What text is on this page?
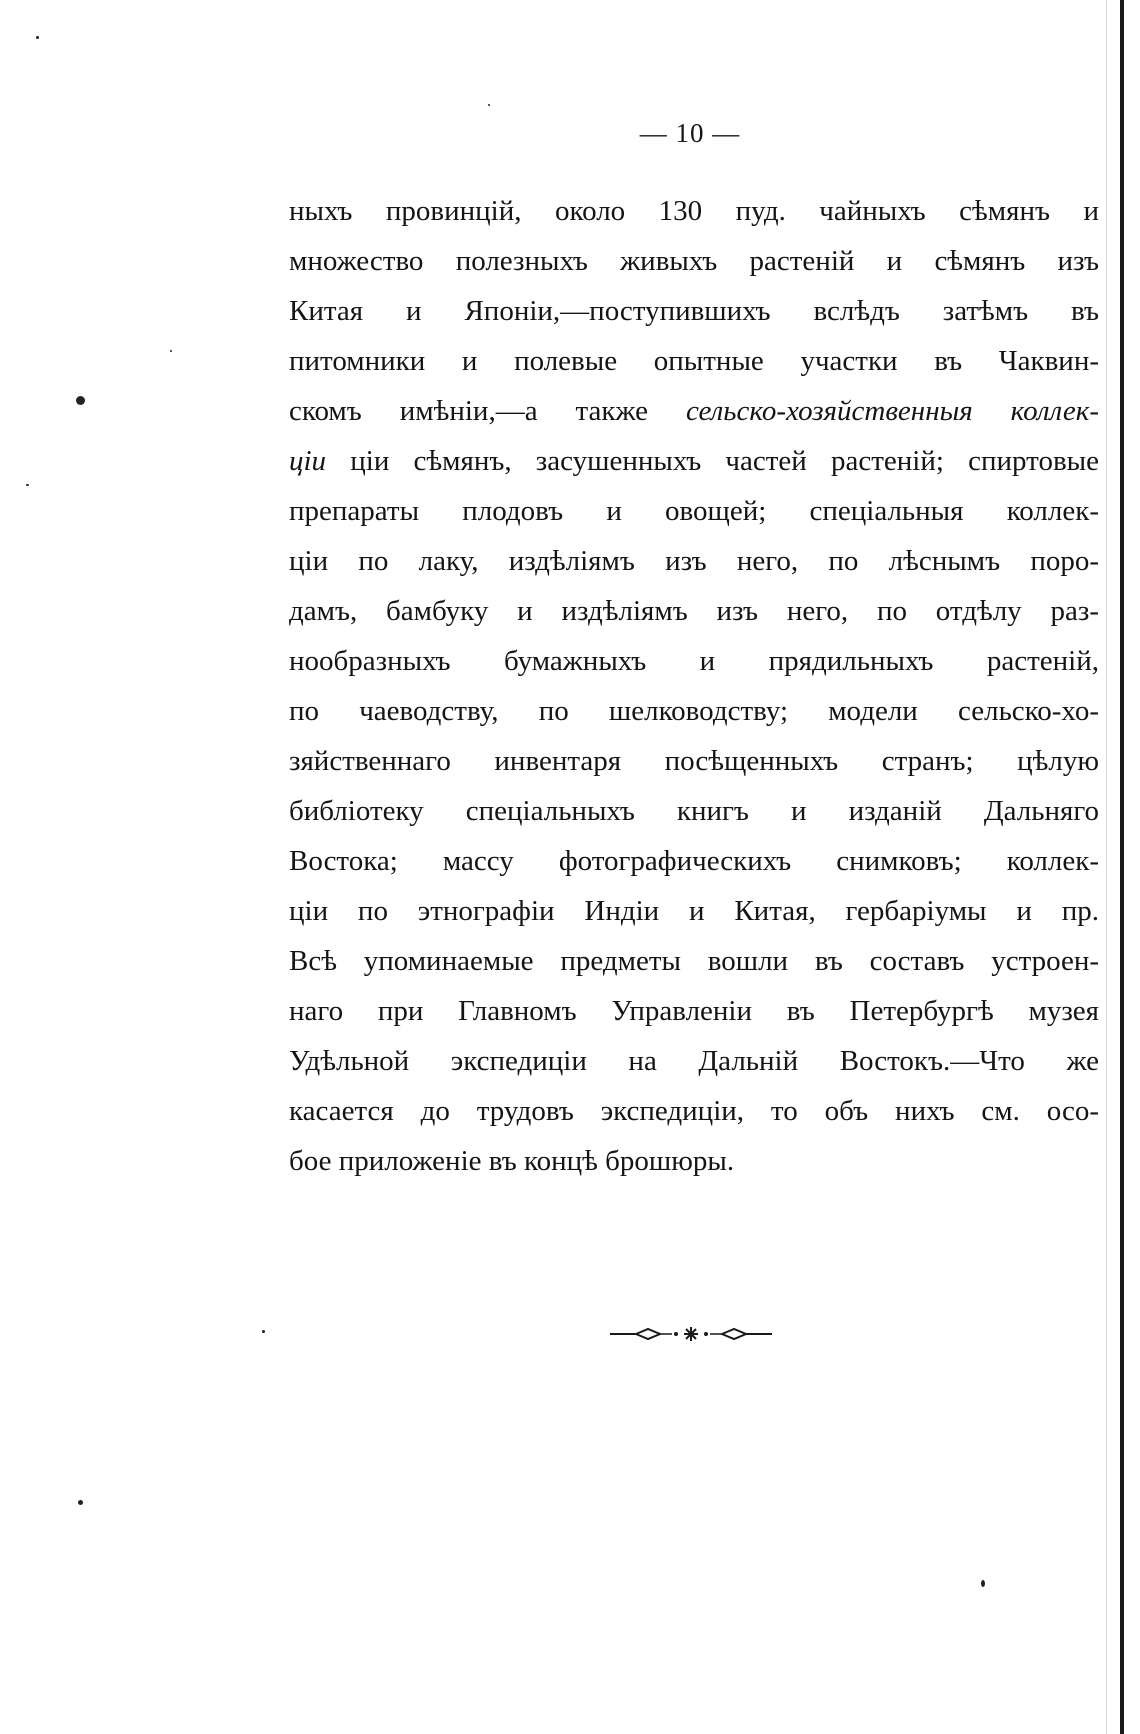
— 10 —
ныхъ провинцій, около 130 пуд. чайныхъ сѣмянъ и
множество полезныхъ живыхъ растеній и сѣмянъ изъ
Китая и Японіи,—поступившихъ вслѣдъ затѣмъ въ
питомники и полевые опытные участки въ Чаквин-
скомъ имѣніи,—а также сельско-хозяйственныя коллек-
ціи ціи сѣмянъ, засушенныхъ частей растеній; спиртовые
препараты плодовъ и овощей; спеціальныя коллек-
ціи по лаку, издѣліямъ изъ него, по лѣснымъ поро-
дамъ, бамбуку и издѣліямъ изъ него, по отдѣлу раз-
нообразныхъ бумажныхъ и прядильныхъ растеній,
по чаеводству, по шелководству; модели сельско-хо-
зяйственнаго инвентаря посѣщенныхъ странъ; цѣлую
библіотеку спеціальныхъ книгъ и изданій Дальняго
Востока; массу фотографическихъ снимковъ; коллек-
ціи по этнографіи Индіи и Китая, гербаріумы и пр.
Всѣ упоминаемые предметы вошли въ составъ устроен-
наго при Главномъ Управленіи въ Петербургѣ музея
Удѣльной экспедиціи на Дальній Востокъ.—Что же
касается до трудовъ экспедиціи, то объ нихъ см. осо-
бое приложеніе въ концѣ брошюры.
